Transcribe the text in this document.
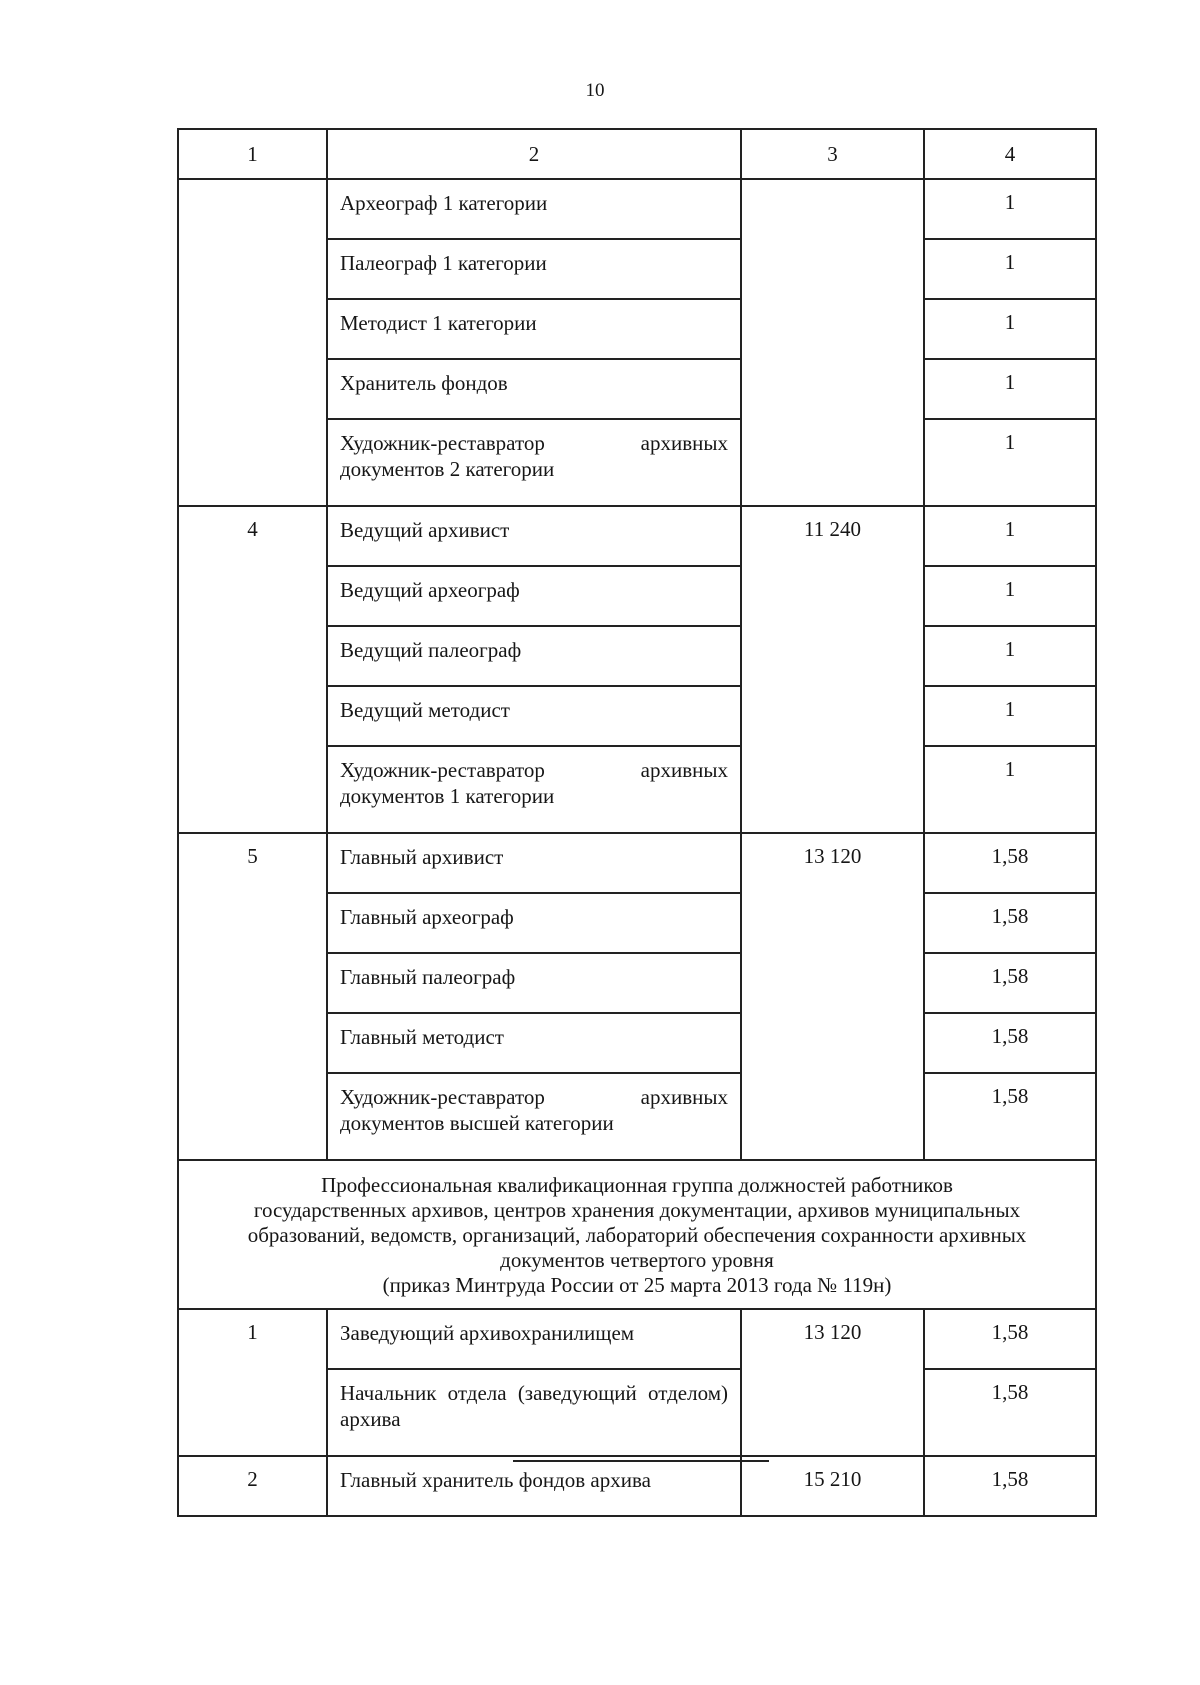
10
1	2	3	4
	Археограф 1 категории		1
	Палеограф 1 категории		1
	Методист 1 категории		1
	Хранитель фондов		1
	Художник-реставратор архивных документов 2 категории		1
4	Ведущий архивист	11 240	1
	Ведущий археограф		1
	Ведущий палеограф		1
	Ведущий методист		1
	Художник-реставратор архивных документов 1 категории		1
5	Главный архивист	13 120	1,58
	Главный археограф		1,58
	Главный палеограф		1,58
	Главный методист		1,58
	Художник-реставратор архивных документов высшей категории		1,58

Профессиональная квалификационная группа должностей работников
государственных архивов, центров хранения документации, архивов муниципальных
образований, ведомств, организаций, лабораторий обеспечения сохранности архивных
документов четвертого уровня
(приказ Минтруда России от 25 марта 2013 года № 119н)			

1	Заведующий архивохранилищем	13 120	1,58
	Начальник отдела (заведующий отделом) архива		1,58
2	Главный хранитель фондов архива	15 210	1,58
